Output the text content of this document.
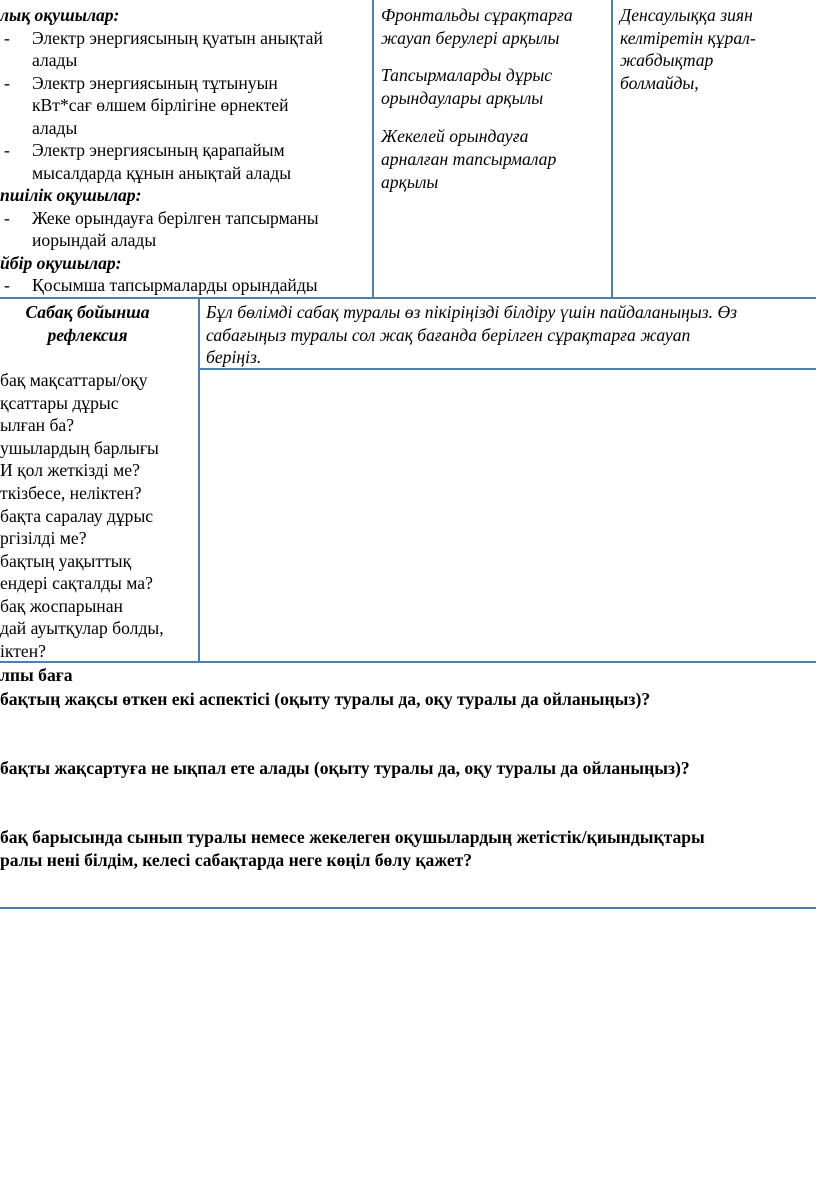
лық оқушылар:
- Электр энергиясының қуатын анықтай
алады
- Электр энергиясының тұтынуын
кВт*сағ өлшем бірлігіне өрнектей
алады
- Электр энергиясының қарапайым
мысалдарда құнын анықтай алады
пшілік оқушылар:
- Жеке орындауға берілген тапсырманы
иорындай алады
йбір оқушылар:
- Қосымша тапсырмаларды орындайды
Фронтальды сұрақтарға
жауап берулері арқылы
Тапсырмаларды дұрыс
орындаулары арқылы
Жекелей орындауға
арналған тапсырмалар
арқылы
Денсаулыққа зиян
келтіретін құрал-
жабдықтар
болмайды,
Сабақ бойынша
рефлексия
Бұл бөлімді сабақ туралы өз пікіріңізді білдіру үшін пайдаланыңыз. Өз
сабағыңыз туралы сол жақ бағанда берілген сұрақтарға жауап
беріңіз.
бақ мақсаттары/оқу
қсаттары дұрыс
ылған ба?
ушылардың барлығы
И қол жеткізді ме?
ткізбесе, неліктен?
бақта саралау дұрыс
ргізілді ме?
бақтың уақыттық
ендері сақталды ма?
бақ жоспарынан
дай ауытқулар болды,
іктен?
лпы баға
бақтың жақсы өткен екі аспектісі (оқыту туралы да, оқу туралы да ойланыңыз)?
бақты жақсартуға не ықпал ете алады (оқыту туралы да, оқу туралы да ойланыңыз)?
бақ барысында сынып туралы немесе жекелеген оқушылардың жетістік/қиындықтары
ралы нені білдім, келесі сабақтарда неге көңіл бөлу қажет?
